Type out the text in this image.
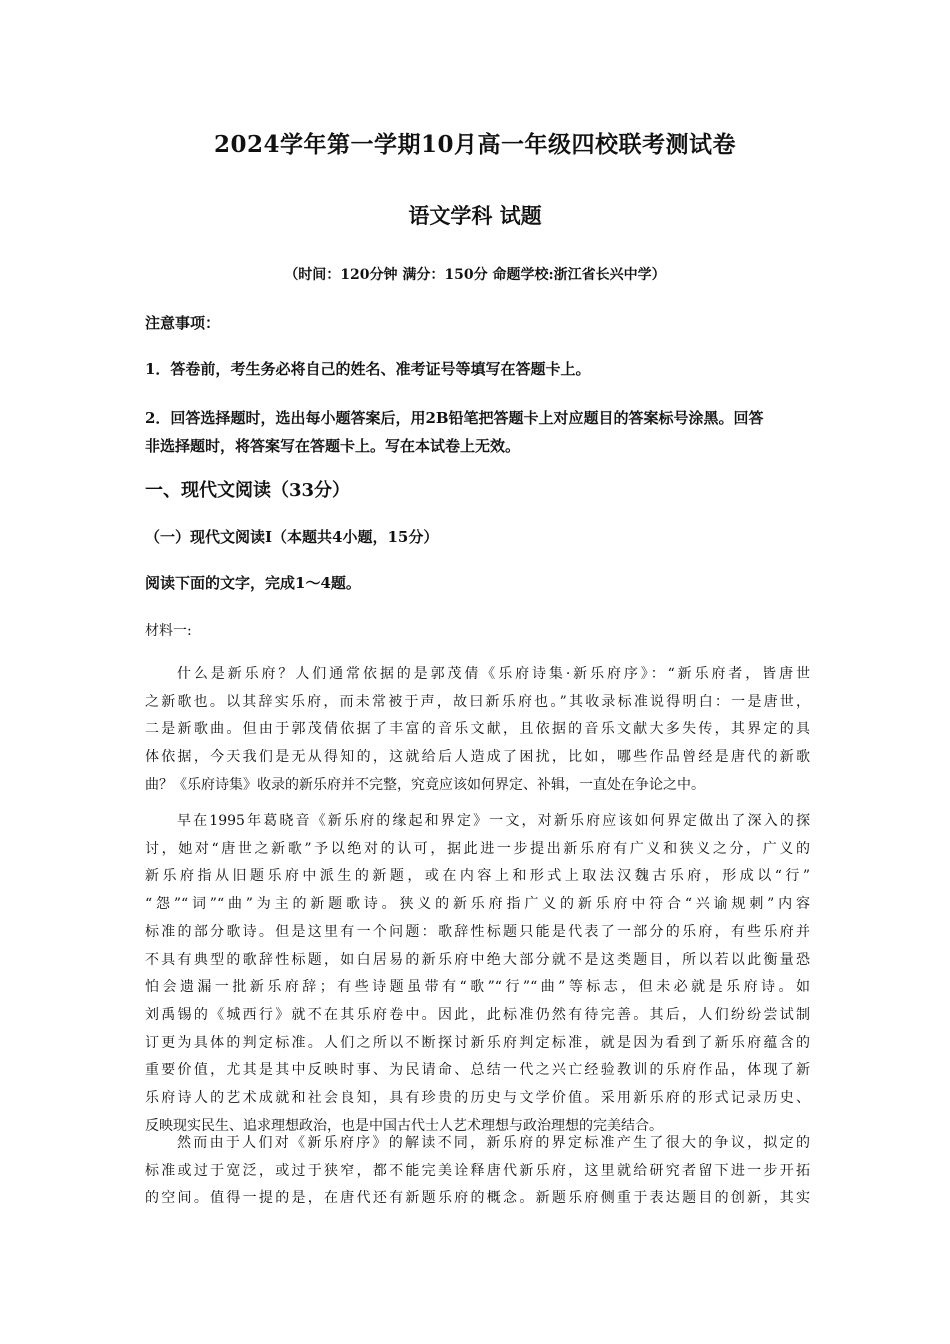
2024学年第一学期10月高一年级四校联考测试卷
语文学科 试题
（时间：120分钟 满分：150分 命题学校:浙江省长兴中学）
注意事项：
1．答卷前，考生务必将自己的姓名、准考证号等填写在答题卡上。
2．回答选择题时，选出每小题答案后，用2B铅笔把答题卡上对应题目的答案标号涂黑。回答
非选择题时，将答案写在答题卡上。写在本试卷上无效。
一、现代文阅读（33分）
（一）现代文阅读Ⅰ（本题共4小题，15分）
阅读下面的文字，完成1～4题。
材料一:
什么是新乐府？人们通常依据的是郭茂倩《乐府诗集·新乐府序》：“新乐府者，皆唐世
之新歌也。以其辞实乐府，而未常被于声，故曰新乐府也。”其收录标准说得明白：一是唐世，
二是新歌曲。但由于郭茂倩依据了丰富的音乐文献，且依据的音乐文献大多失传，其界定的具
体依据，今天我们是无从得知的，这就给后人造成了困扰，比如，哪些作品曾经是唐代的新歌
曲？《乐府诗集》收录的新乐府并不完整，究竟应该如何界定、补辑，一直处在争论之中。
早在1995年葛晓音《新乐府的缘起和界定》一文，对新乐府应该如何界定做出了深入的探
讨，她对“唐世之新歌”予以绝对的认可，据此进一步提出新乐府有广义和狭义之分，广义的
新乐府指从旧题乐府中派生的新题，或在内容上和形式上取法汉魏古乐府，形成以“行”
“怨”“词”“曲”为主的新题歌诗。狭义的新乐府指广义的新乐府中符合“兴谕规刺”内容
标准的部分歌诗。但是这里有一个问题：歌辞性标题只能是代表了一部分的乐府，有些乐府并
不具有典型的歌辞性标题，如白居易的新乐府中绝大部分就不是这类题目，所以若以此衡量恐
怕会遗漏一批新乐府辞；有些诗题虽带有“歌”“行”“曲”等标志，但未必就是乐府诗。如
刘禹锡的《城西行》就不在其乐府卷中。因此，此标准仍然有待完善。其后，人们纷纷尝试制
订更为具体的判定标准。人们之所以不断探讨新乐府判定标准，就是因为看到了新乐府蕴含的
重要价值，尤其是其中反映时事、为民请命、总结一代之兴亡经验教训的乐府作品，体现了新
乐府诗人的艺术成就和社会良知，具有珍贵的历史与文学价值。采用新乐府的形式记录历史、
反映现实民生、追求理想政治，也是中国古代士人艺术理想与政治理想的完美结合。
然而由于人们对《新乐府序》的解读不同，新乐府的界定标准产生了很大的争议，拟定的
标准或过于宽泛，或过于狭窄，都不能完美诠释唐代新乐府，这里就给研究者留下进一步开拓
的空间。值得一提的是，在唐代还有新题乐府的概念。新题乐府侧重于表达题目的创新，其实
